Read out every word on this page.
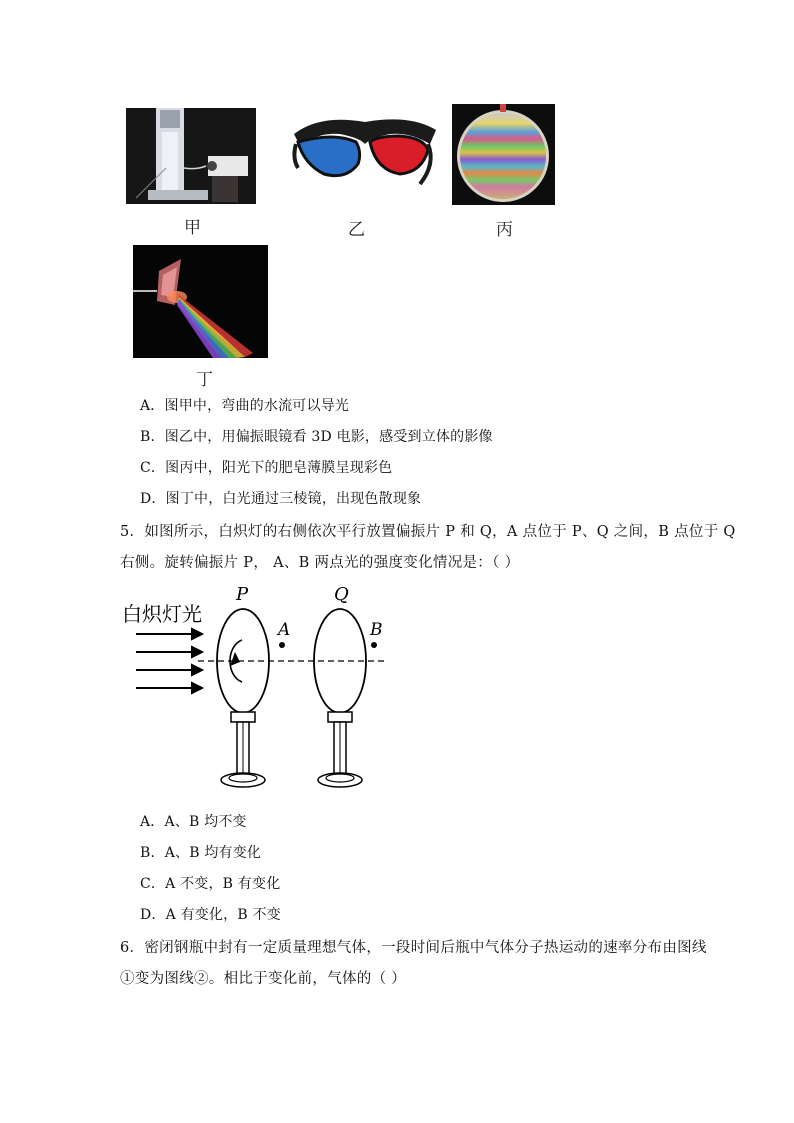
甲	乙	丙
丁
A．图甲中，弯曲的水流可以导光
B．图乙中，用偏振眼镜看 3D 电影，感受到立体的影像
C．图丙中，阳光下的肥皂薄膜呈现彩色
D．图丁中，白光通过三棱镜，出现色散现象
5．如图所示，白炽灯的右侧依次平行放置偏振片 P 和 Q，A 点位于 P、Q 之间，B 点位于 Q
右侧。旋转偏振片 P， A、B 两点光的强度变化情况是：（ ）
白炽灯光
P	Q
A	B
A．A、B 均不变
B．A、B 均有变化
C．A 不变，B 有变化
D．A 有变化，B 不变
6．密闭钢瓶中封有一定质量理想气体，一段时间后瓶中气体分子热运动的速率分布由图线
①变为图线②。相比于变化前，气体的（ ）
